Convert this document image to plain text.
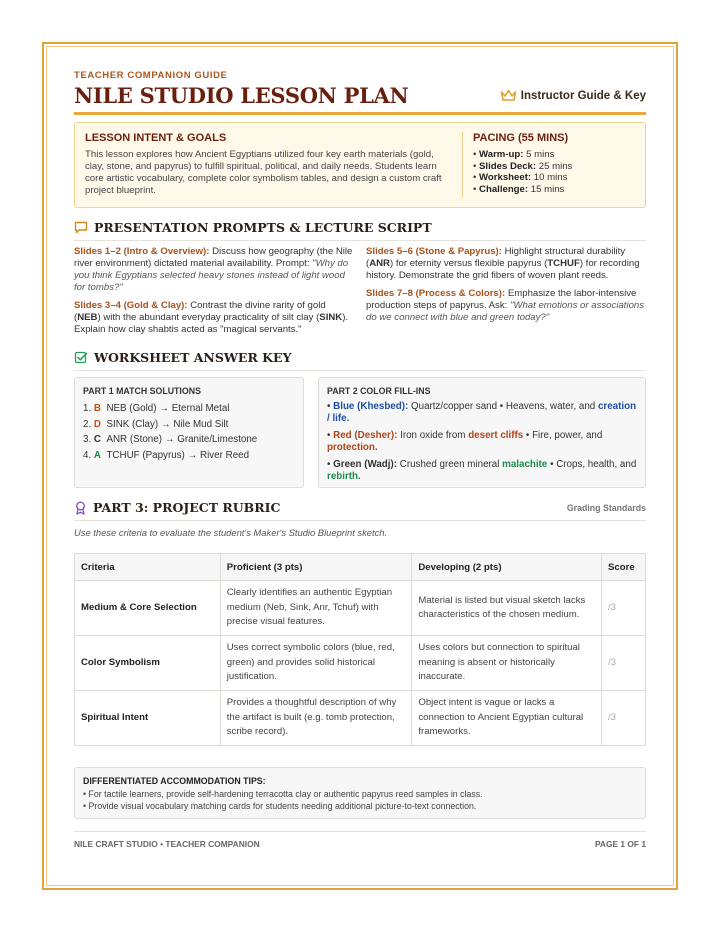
TEACHER COMPANION GUIDE
NILE STUDIO LESSON PLAN	Instructor Guide & Key
LESSON INTENT & GOALS
This lesson explores how Ancient Egyptians utilized four key earth materials (gold, clay, stone, and papyrus) to fulfill spiritual, political, and daily needs. Students learn core artistic vocabulary, complete color symbolism tables, and design a custom craft project blueprint.
PACING (55 MINS)
• Warm-up: 5 mins
• Slides Deck: 25 mins
• Worksheet: 10 mins
• Challenge: 15 mins
PRESENTATION PROMPTS & LECTURE SCRIPT
Slides 1–2 (Intro & Overview): Discuss how geography (the Nile river environment) dictated material availability. Prompt: "Why do you think Egyptians selected heavy stones instead of light wood for tombs?"
Slides 3–4 (Gold & Clay): Contrast the divine rarity of gold (NEB) with the abundant everyday practicality of silt clay (SINK). Explain how clay shabtis acted as "magical servants."
Slides 5–6 (Stone & Papyrus): Highlight structural durability (ANR) for eternity versus flexible papyrus (TCHUF) for recording history. Demonstrate the grid fibers of woven plant reeds.
Slides 7–8 (Process & Colors): Emphasize the labor-intensive production steps of papyrus. Ask: "What emotions or associations do we connect with blue and green today?"
WORKSHEET ANSWER KEY
PART 1 MATCH SOLUTIONS
1. B NEB (Gold) → Eternal Metal
2. D SINK (Clay) → Nile Mud Silt
3. C ANR (Stone) → Granite/Limestone
4. A TCHUF (Papyrus) → River Reed
PART 2 COLOR FILL-INS
• Blue (Khesbed): Quartz/copper sand • Heavens, water, and creation / life.
• Red (Desher): Iron oxide from desert cliffs • Fire, power, and protection.
• Green (Wadj): Crushed green mineral malachite • Crops, health, and rebirth.
PART 3: PROJECT RUBRIC	Grading Standards
Use these criteria to evaluate the student's Maker's Studio Blueprint sketch.
Criteria	Proficient (3 pts)	Developing (2 pts)	Score
Medium & Core Selection	Clearly identifies an authentic Egyptian medium (Neb, Sink, Anr, Tchuf) with precise visual features.	Material is listed but visual sketch lacks characteristics of the chosen medium.	/3
Color Symbolism	Uses correct symbolic colors (blue, red, green) and provides solid historical justification.	Uses colors but connection to spiritual meaning is absent or historically inaccurate.	/3
Spiritual Intent	Provides a thoughtful description of why the artifact is built (e.g. tomb protection, scribe record).	Object intent is vague or lacks a connection to Ancient Egyptian cultural frameworks.	/3
DIFFERENTIATED ACCOMMODATION TIPS:
• For tactile learners, provide self-hardening terracotta clay or authentic papyrus reed samples in class.
• Provide visual vocabulary matching cards for students needing additional picture-to-text connection.
NILE CRAFT STUDIO • TEACHER COMPANION	PAGE 1 OF 1
